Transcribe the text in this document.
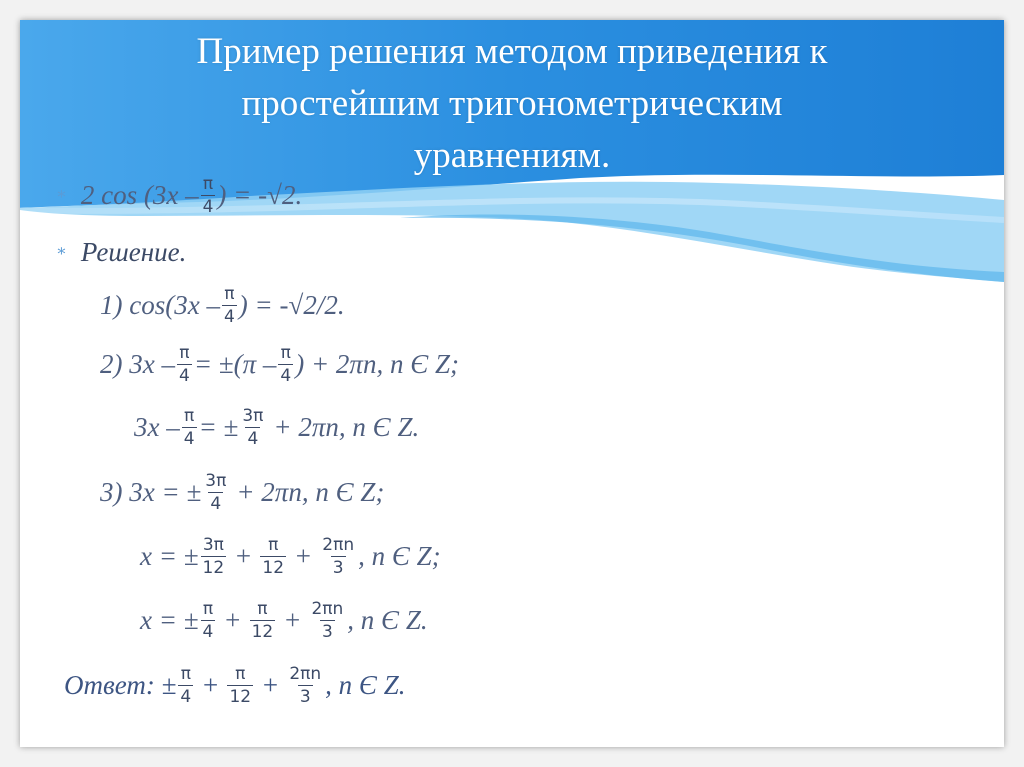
Пример решения методом приведения к
простейшим тригонометрическим
уравнениям.
∗ 2 $\cos (3x - \frac{\pi}{4}$ ) = -√2.
∗ Решение.
1) $\cos(3x - \frac{\pi}{4}$ ) = -√2/2.
2) $3x - \frac{\pi}{4} = \pm(\pi - \frac{\pi}{4}$ ) + 2πn, n Є Z;
$3x - \frac{\pi}{4}$ = ± $\frac{3\pi}{4} + 2\pi n$, n Є Z.
3) 3x = ± $\frac{3\pi}{4} + 2\pi n$, n Є Z;
x = ± $\frac{3\pi}{12} + \frac{\pi}{12} + \frac{2\pi n}{3}$ , n Є Z;
x = ± $\frac{\pi}{4} + \frac{\pi}{12} + \frac{2\pi n}{3}$ , n Є Z.
Ответ: ± $\frac{\pi}{4} + \frac{\pi}{12} + \frac{2\pi n}{3}$ , n Є Z.
